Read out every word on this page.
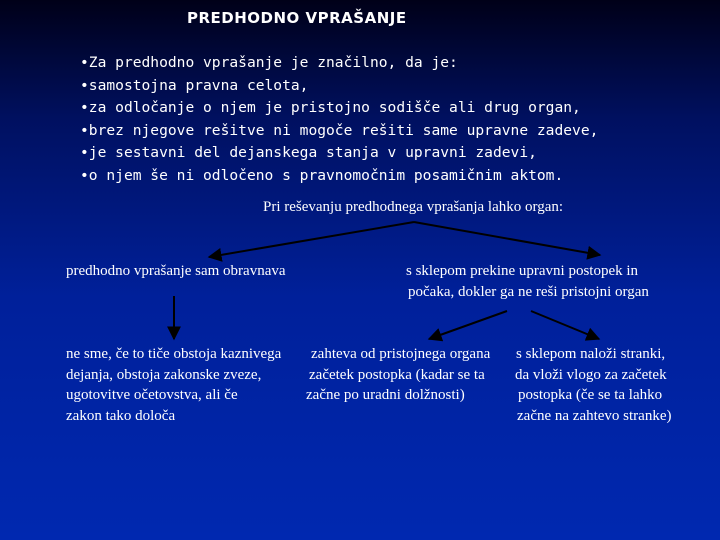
PREDHODNO VPRAŠANJE
•Za predhodno vprašanje je značilno, da je:
•samostojna pravna celota,
•za odločanje o njem je pristojno sodišče ali drug organ,
•brez njegove rešitve ni mogoče rešiti same upravne zadeve,
•je sestavni del dejanskega stanja v upravni zadevi,
•o njem še ni odločeno s pravnomočnim posamičnim aktom.
Pri reševanju predhodnega vprašanja lahko organ:
predhodno vprašanje sam obravnava	s sklepom prekine upravni postopek in
počaka, dokler ga ne reši pristojni organ
ne sme, če to tiče obstoja kaznivega
dejanja, obstoja zakonske zveze,
ugotovitve očetovstva, ali če
zakon tako določa
zahteva od pristojnega organa
začetek postopka (kadar se ta
začne po uradni dolžnosti)
s sklepom naloži stranki,
da vloži vlogo za začetek
postopka (če se ta lahko
začne na zahtevo stranke)
